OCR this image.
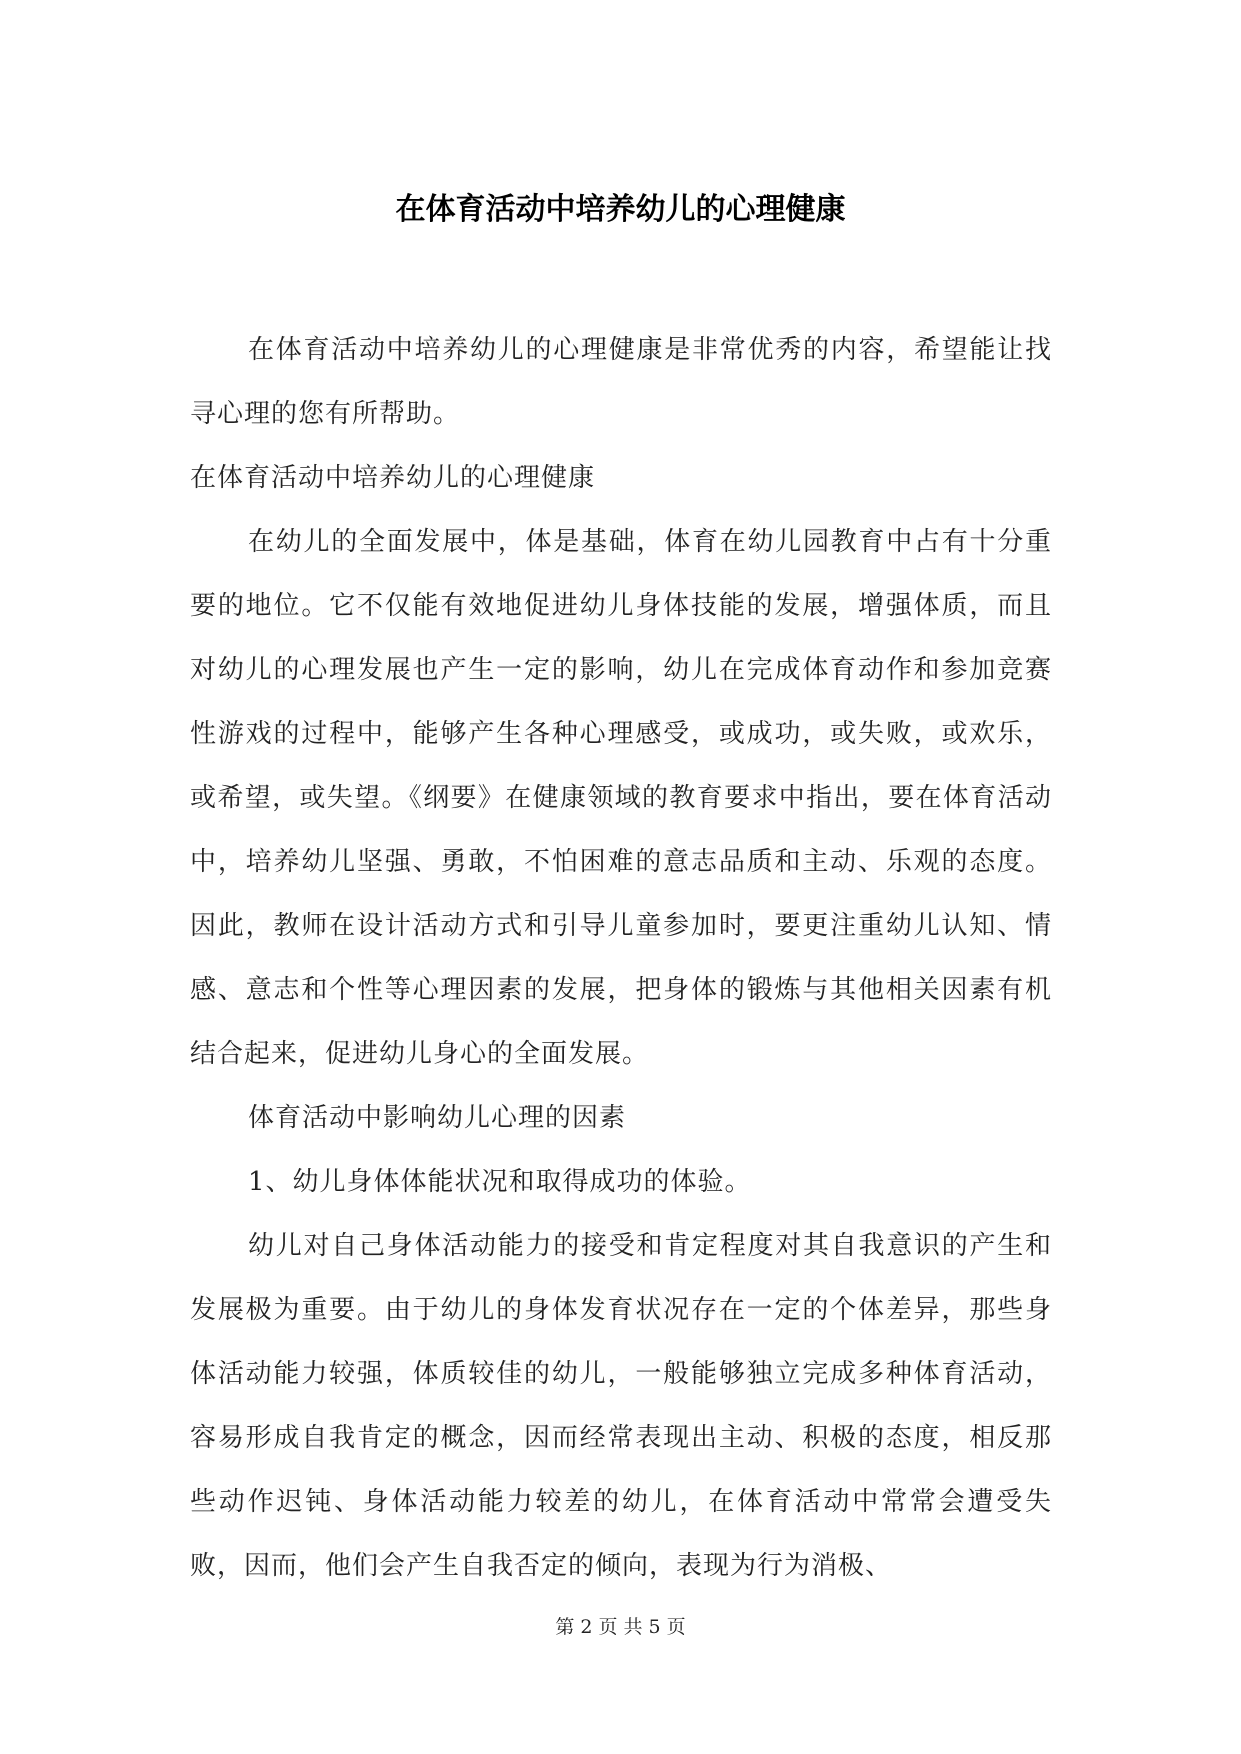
在体育活动中培养幼儿的心理健康

在体育活动中培养幼儿的心理健康是非常优秀的内容，希望能让找寻心理的您有所帮助。

在体育活动中培养幼儿的心理健康

在幼儿的全面发展中，体是基础，体育在幼儿园教育中占有十分重要的地位。它不仅能有效地促进幼儿身体技能的发展，增强体质，而且对幼儿的心理发展也产生一定的影响，幼儿在完成体育动作和参加竞赛性游戏的过程中，能够产生各种心理感受，或成功，或失败，或欢乐，或希望，或失望。《纲要》在健康领域的教育要求中指出，要在体育活动中，培养幼儿坚强、勇敢，不怕困难的意志品质和主动、乐观的态度。因此，教师在设计活动方式和引导儿童参加时，要更注重幼儿认知、情感、意志和个性等心理因素的发展，把身体的锻炼与其他相关因素有机结合起来，促进幼儿身心的全面发展。

体育活动中影响幼儿心理的因素

1、幼儿身体体能状况和取得成功的体验。

幼儿对自己身体活动能力的接受和肯定程度对其自我意识的产生和发展极为重要。由于幼儿的身体发育状况存在一定的个体差异，那些身体活动能力较强，体质较佳的幼儿，一般能够独立完成多种体育活动，容易形成自我肯定的概念，因而经常表现出主动、积极的态度，相反那些动作迟钝、身体活动能力较差的幼儿，在体育活动中常常会遭受失败，因而，他们会产生自我否定的倾向，表现为行为消极、

第 2 页 共 5 页
